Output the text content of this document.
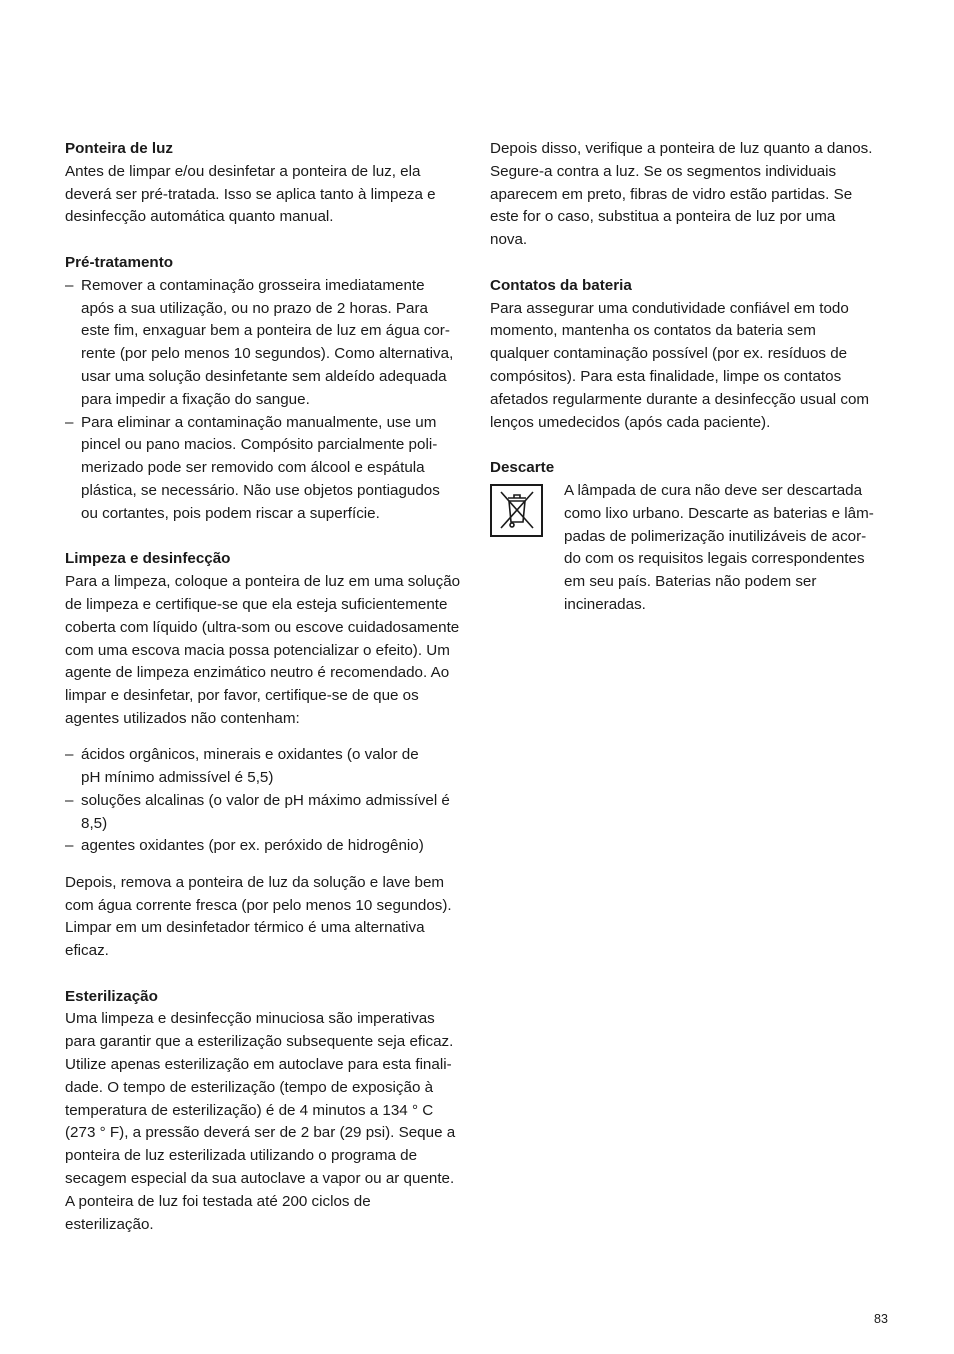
Ponteira de luz

Antes de limpar e/ou desinfetar a ponteira de luz, ela
deverá ser pré-tratada. Isso se aplica tanto à limpeza e
desinfecção automática quanto manual.

Pré-tratamento
– Remover a contaminação grosseira imediatamente
após a sua utilização, ou no prazo de 2 horas. Para
este fim, enxaguar bem a ponteira de luz em água cor-
rente (por pelo menos 10 segundos). Como alternativa,
usar uma solução desinfetante sem aldeído adequada
para impedir a fixação do sangue.
– Para eliminar a contaminação manualmente, use um
pincel ou pano macios. Compósito parcialmente poli-
merizado pode ser removido com álcool e espátula
plástica, se necessário. Não use objetos pontiagudos
ou cortantes, pois podem riscar a superfície.
Limpeza e desinfecção

Para a limpeza, coloque a ponteira de luz em uma solução
de limpeza e certifique-se que ela esteja suficientemente
coberta com líquido (ultra-som ou escove cuidadosamente
com uma escova macia possa potencializar o efeito). Um
agente de limpeza enzimático neutro é recomendado. Ao
limpar e desinfetar, por favor, certifique-se de que os
agentes utilizados não contenham:

– ácidos orgânicos, minerais e oxidantes (o valor de
pH mínimo admissível é 5,5)
– soluções alcalinas (o valor de pH máximo admissível é
8,5)
– agentes oxidantes (por ex. peróxido de hidrogênio)

Depois, remova a ponteira de luz da solução e lave bem
com água corrente fresca (por pelo menos 10 segundos).
Limpar em um desinfetador térmico é uma alternativa
eficaz.

Esterilização

Uma limpeza e desinfecção minuciosa são imperativas
para garantir que a esterilização subsequente seja eficaz.
Utilize apenas esterilização em autoclave para esta finali-
dade. O tempo de esterilização (tempo de exposição à
temperatura de esterilização) é de 4 minutos a 134 ° C
(273 ° F), a pressão deverá ser de 2 bar (29 psi). Seque a
ponteira de luz esterilizada utilizando o programa de
secagem especial da sua autoclave a vapor ou ar quente.
A ponteira de luz foi testada até 200 ciclos de
esterilização.

Depois disso, verifique a ponteira de luz quanto a danos.
Segure-a contra a luz. Se os segmentos individuais
aparecem em preto, fibras de vidro estão partidas. Se
este for o caso, substitua a ponteira de luz por uma
nova.

Contatos da bateria

Para assegurar uma condutividade confiável em todo
momento, mantenha os contatos da bateria sem
qualquer contaminação possível (por ex. resíduos de
compósitos). Para esta finalidade, limpe os contatos
afetados regularmente durante a desinfecção usual com
lenços umedecidos (após cada paciente).

Descarte

A lâmpada de cura não deve ser descartada
como lixo urbano. Descarte as baterias e lâm-
padas de polimerização inutilizáveis de acor-
do com os requisitos legais correspondentes
em seu país. Baterias não podem ser
incineradas.

83
